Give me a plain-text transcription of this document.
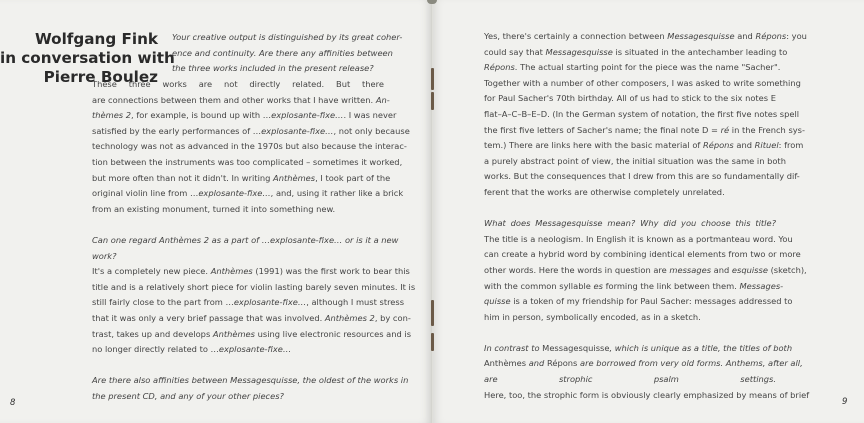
Wolfgang Fink
in conversation with
Pierre Boulez
Your creative output is distinguished by its great coher-
ence and continuity. Are there any affinities between
the three works included in the present release?
These three works are not directly related. But there
are connections between them and other works that I have written. An-
thèmes 2, for example, is bound up with …explosante-fixe…. I was never
satisfied by the early performances of …explosante-fixe…, not only because
technology was not as advanced in the 1970s but also because the interac-
tion between the instruments was too complicated – sometimes it worked,
but more often than not it didn't. In writing Anthèmes, I took part of the
original violin line from …explosante-fixe…, and, using it rather like a brick
from an existing monument, turned it into something new.
Can one regard Anthèmes 2 as a part of …explosante-fixe… or is it a new
work?
It's a completely new piece. Anthèmes (1991) was the first work to bear this
title and is a relatively short piece for violin lasting barely seven minutes. It is
still fairly close to the part from …explosante-fixe…, although I must stress
that it was only a very brief passage that was involved. Anthèmes 2, by con-
trast, takes up and develops Anthèmes using live electronic resources and is
no longer directly related to …explosante-fixe…
Are there also affinities between Messagesquisse, the oldest of the works in
the present CD, and any of your other pieces?
8
Yes, there's certainly a connection between Messagesquisse and Répons: you
could say that Messagesquisse is situated in the antechamber leading to
Répons. The actual starting point for the piece was the name "Sacher".
Together with a number of other composers, I was asked to write something
for Paul Sacher's 70th birthday. All of us had to stick to the six notes E
flat–A–C–B–E–D. (In the German system of notation, the first five notes spell
the first five letters of Sacher's name; the final note D = ré in the French sys-
tem.) There are links here with the basic material of Répons and Rituel: from
a purely abstract point of view, the initial situation was the same in both
works. But the consequences that I drew from this are so fundamentally dif-
ferent that the works are otherwise completely unrelated.
What does Messagesquisse mean? Why did you choose this title?
The title is a neologism. In English it is known as a portmanteau word. You
can create a hybrid word by combining identical elements from two or more
other words. Here the words in question are messages and esquisse (sketch),
with the common syllable es forming the link between them. Messages-
quisse is a token of my friendship for Paul Sacher: messages addressed to
him in person, symbolically encoded, as in a sketch.
In contrast to Messagesquisse, which is unique as a title, the titles of both
Anthèmes and Répons are borrowed from very old forms. Anthems, after all,
are strophic psalm settings.
Here, too, the strophic form is obviously clearly emphasized by means of brief
9
